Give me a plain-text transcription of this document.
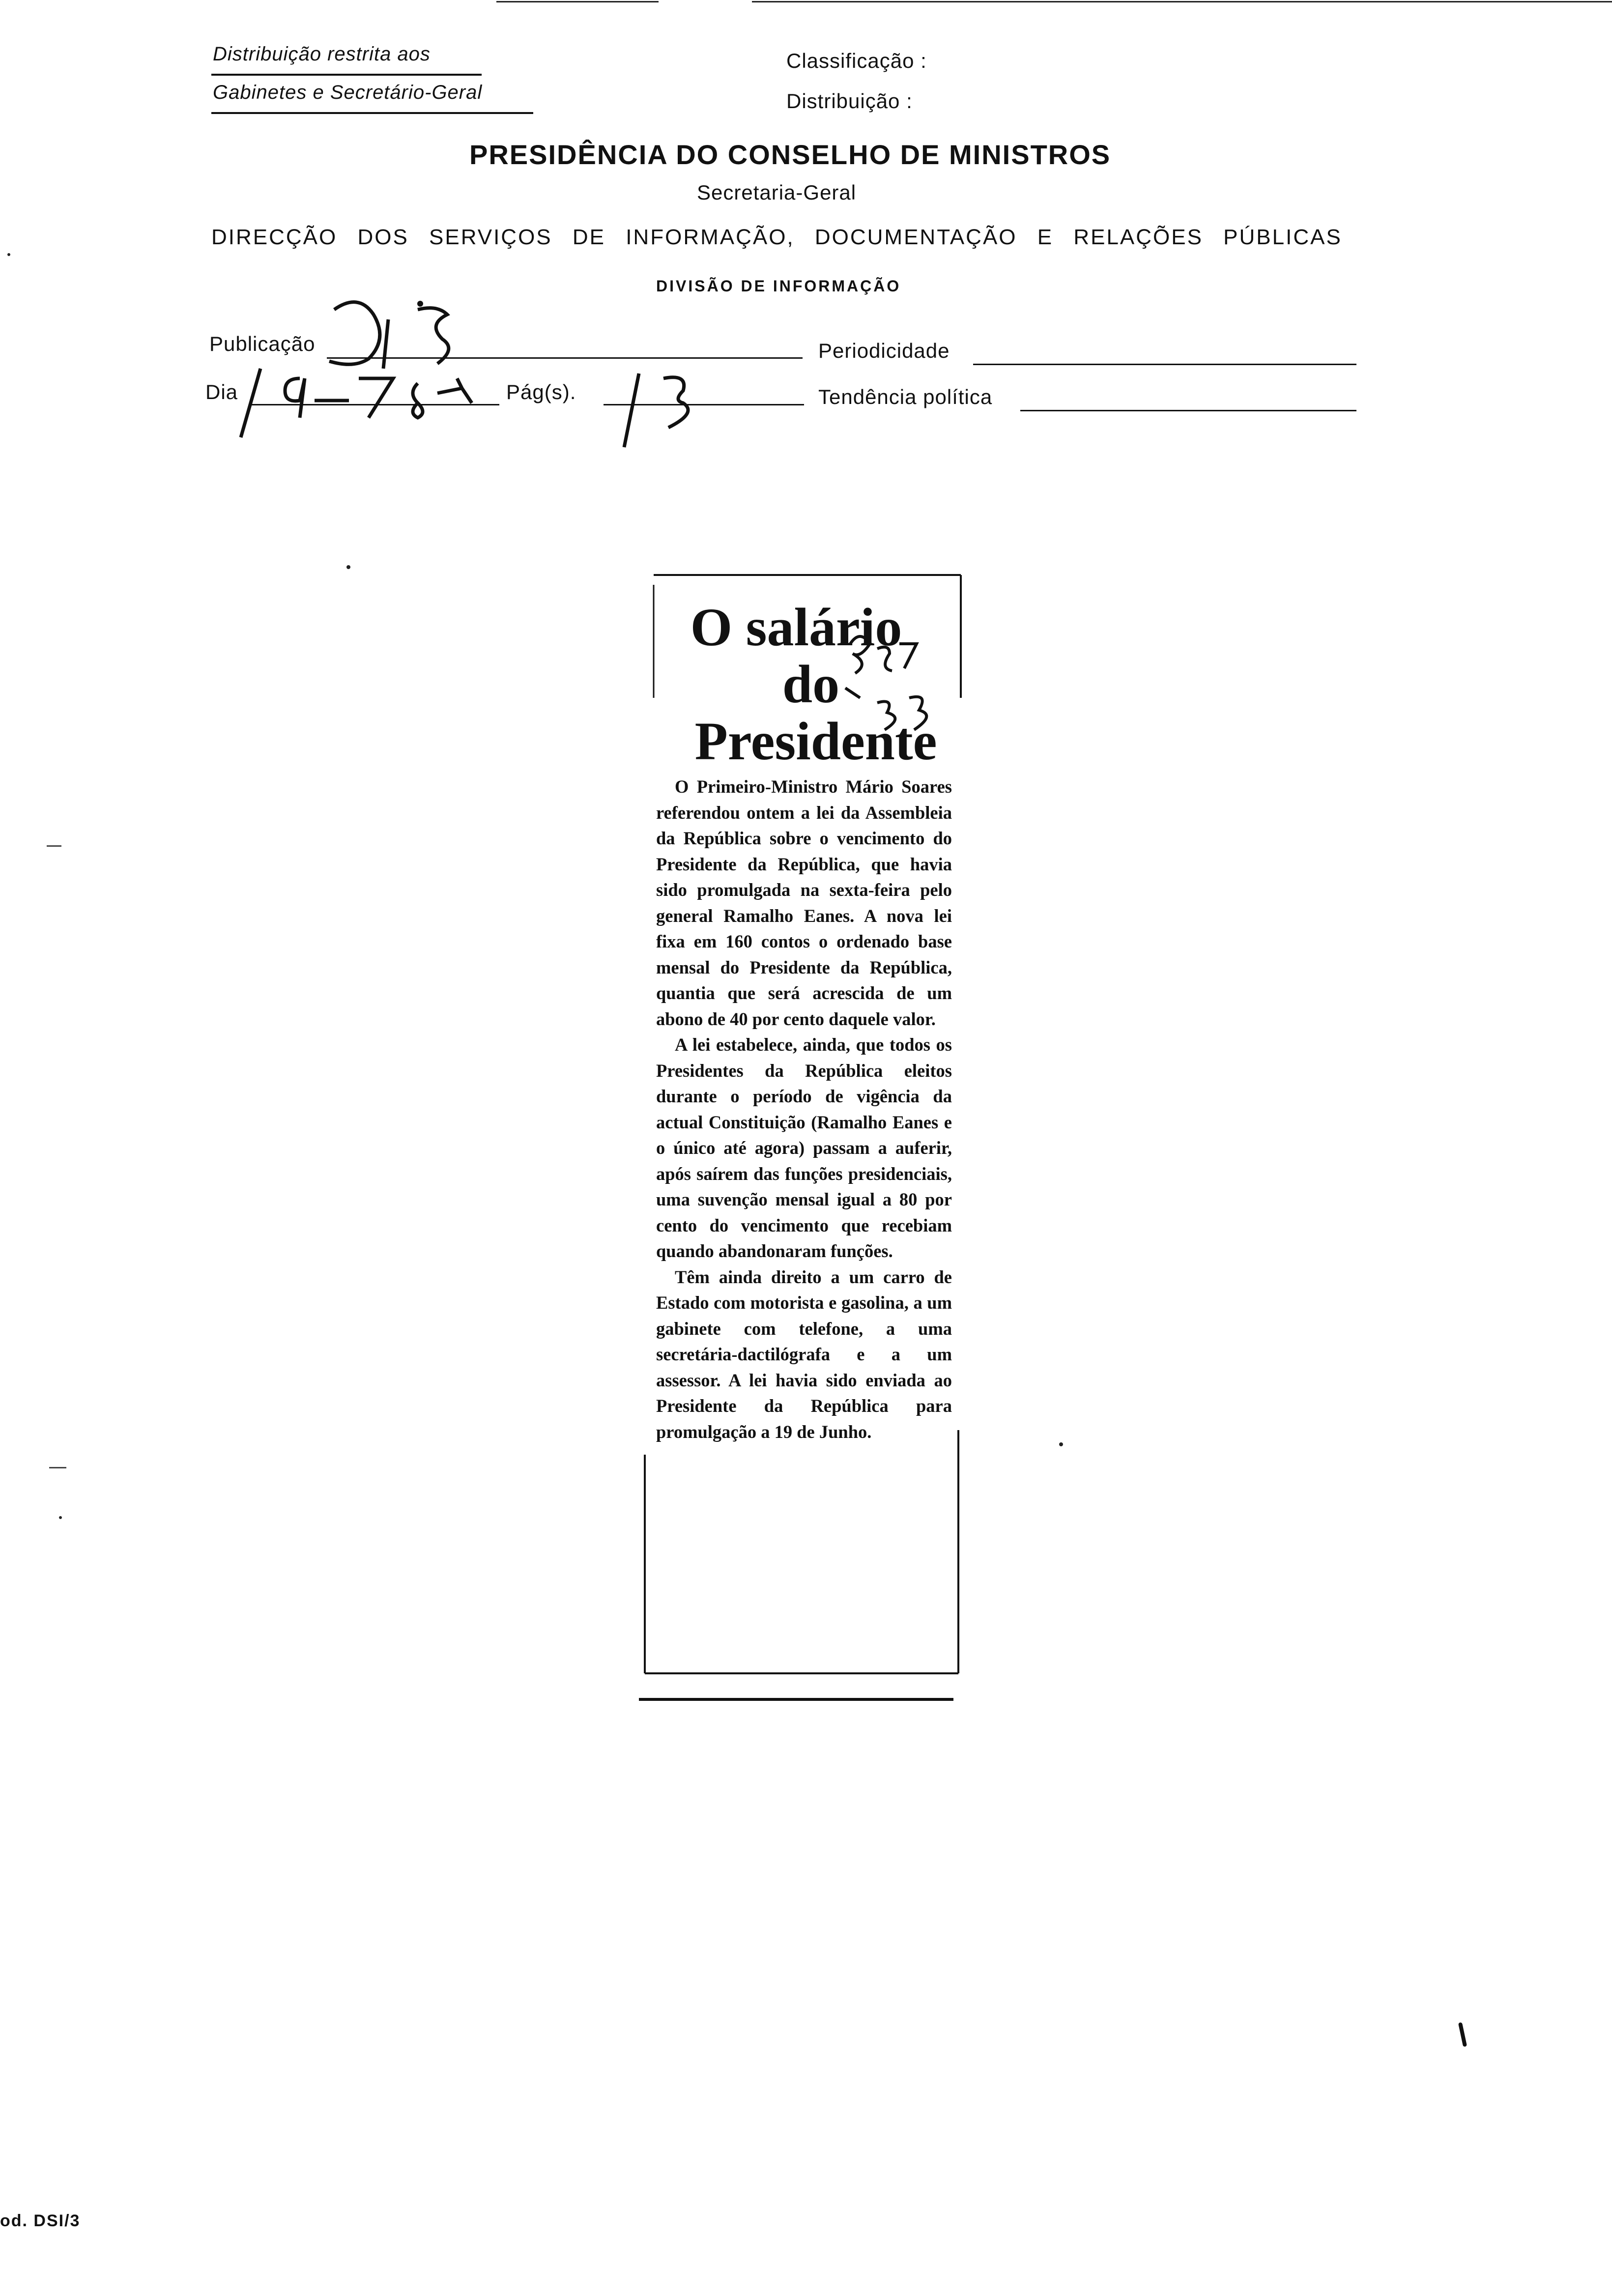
Distribuição restrita aos
Gabinetes e Secretário-Geral
Classificação :
Distribuição :
PRESIDÊNCIA DO CONSELHO DE MINISTROS
Secretaria-Geral
DIRECÇÃO DOS SERVIÇOS DE INFORMAÇÃO, DOCUMENTAÇÃO E RELAÇÕES PÚBLICAS
DIVISÃO DE INFORMAÇÃO
Publicação	Periodicidade
Dia	Pág(s).	Tendência política
O salário
do
Presidente

O Primeiro-Ministro Mário Soares referendou ontem a lei da Assembleia da República sobre o vencimento do Presidente da República, que havia sido promulgada na sexta-feira pelo general Ramalho Eanes. A nova lei fixa em 160 contos o ordenado base mensal do Presidente da República, quantia que será acrescida de um abono de 40 por cento daquele valor.

A lei estabelece, ainda, que todos os Presidentes da República eleitos durante o período de vigência da actual Constituição (Ramalho Eanes e o único até agora) passam a auferir, após saírem das funções presidenciais, uma suvenção mensal igual a 80 por cento do vencimento que recebiam quando abandonaram funções.

Têm ainda direito a um carro de Estado com motorista e gasolina, a um gabinete com telefone, a uma secretária-dactilógrafa e a um assessor. A lei havia sido enviada ao Presidente da República para promulgação a 19 de Junho.

od. DSI/3
